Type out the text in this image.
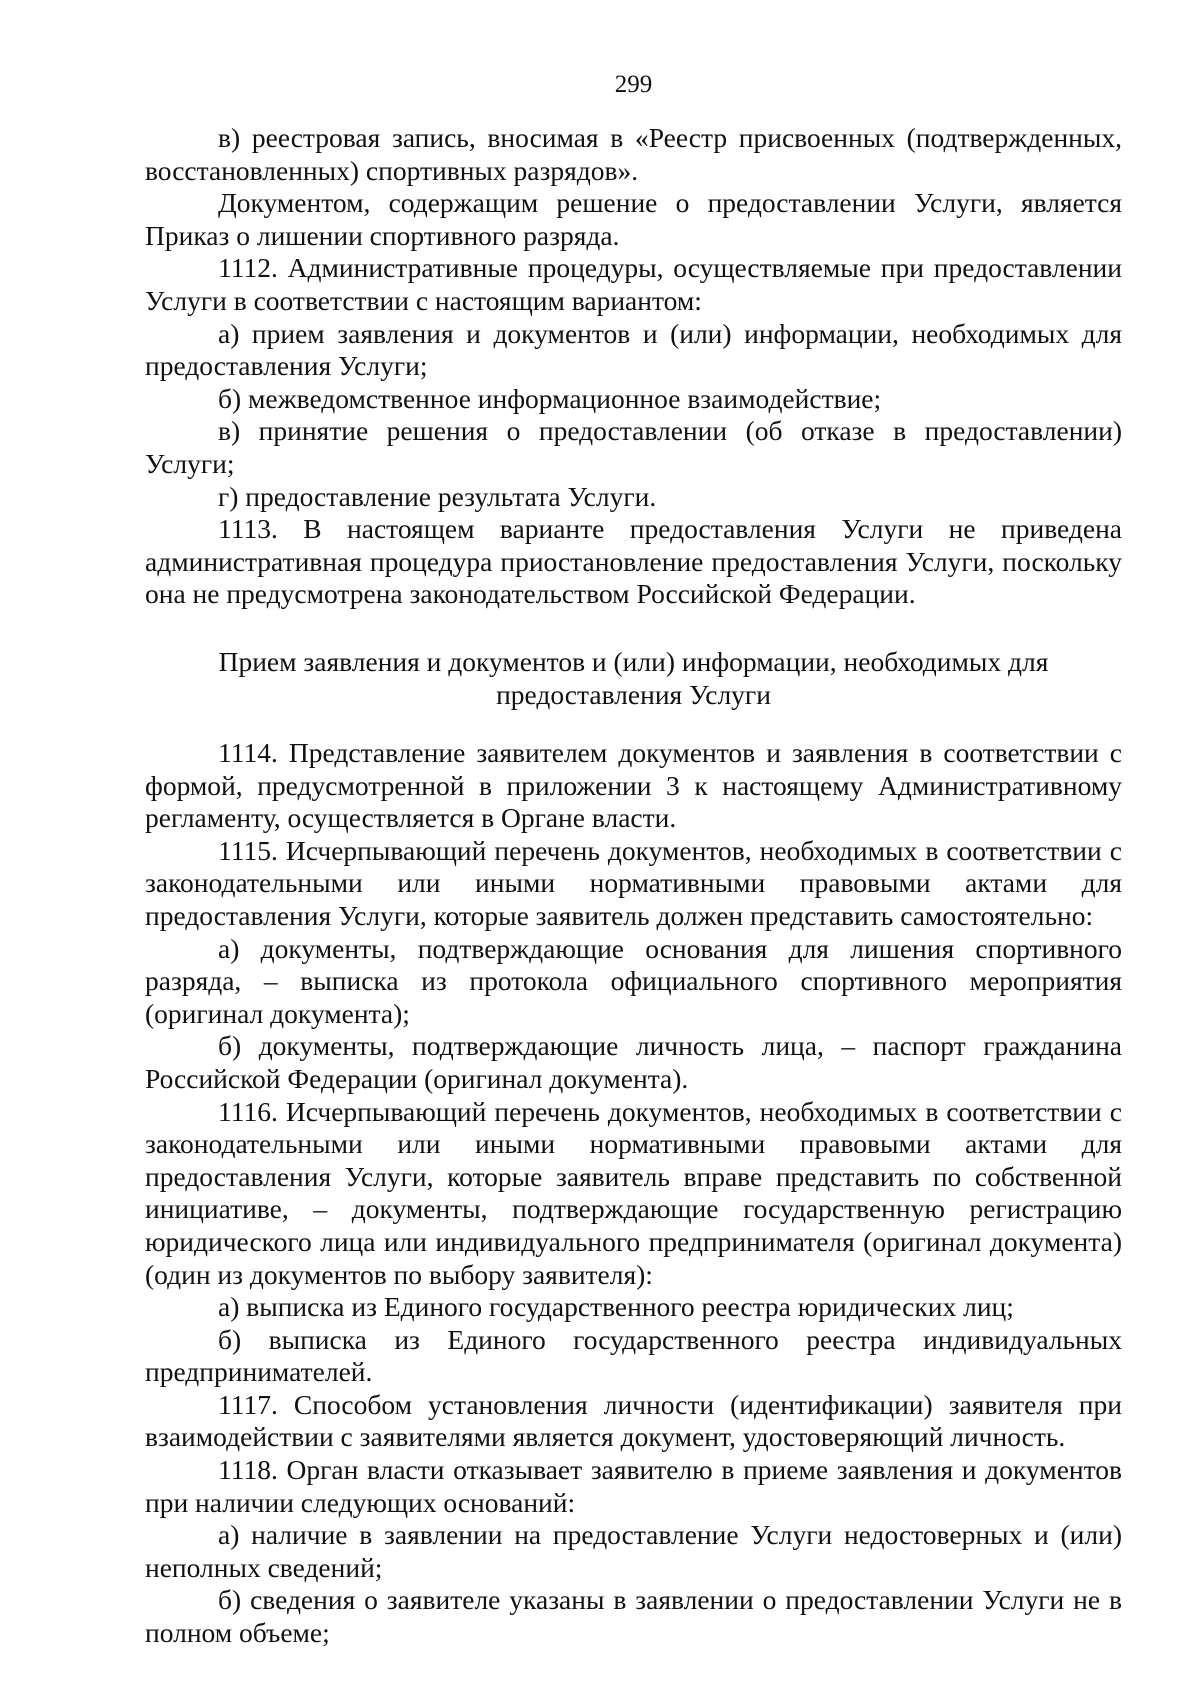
299

в) реестровая запись, вносимая в «Реестр присвоенных (подтвержденных, восстановленных) спортивных разрядов».

Документом, содержащим решение о предоставлении Услуги, является Приказ о лишении спортивного разряда.

1112. Административные процедуры, осуществляемые при предоставлении Услуги в соответствии с настоящим вариантом:

а) прием заявления и документов и (или) информации, необходимых для предоставления Услуги;

б) межведомственное информационное взаимодействие;

в) принятие решения о предоставлении (об отказе в предоставлении) Услуги;

г) предоставление результата Услуги.

1113. В настоящем варианте предоставления Услуги не приведена административная процедура приостановление предоставления Услуги, поскольку она не предусмотрена законодательством Российской Федерации.

Прием заявления и документов и (или) информации, необходимых для предоставления Услуги

1114. Представление заявителем документов и заявления в соответствии с формой, предусмотренной в приложении 3 к настоящему Административному регламенту, осуществляется в Органе власти.

1115. Исчерпывающий перечень документов, необходимых в соответствии с законодательными или иными нормативными правовыми актами для предоставления Услуги, которые заявитель должен представить самостоятельно:

а) документы, подтверждающие основания для лишения спортивного разряда, – выписка из протокола официального спортивного мероприятия (оригинал документа);

б) документы, подтверждающие личность лица, – паспорт гражданина Российской Федерации (оригинал документа).

1116. Исчерпывающий перечень документов, необходимых в соответствии с законодательными или иными нормативными правовыми актами для предоставления Услуги, которые заявитель вправе представить по собственной инициативе, – документы, подтверждающие государственную регистрацию юридического лица или индивидуального предпринимателя (оригинал документа) (один из документов по выбору заявителя):

а) выписка из Единого государственного реестра юридических лиц;

б) выписка из Единого государственного реестра индивидуальных предпринимателей.

1117. Способом установления личности (идентификации) заявителя при взаимодействии с заявителями является документ, удостоверяющий личность.

1118. Орган власти отказывает заявителю в приеме заявления и документов при наличии следующих оснований:

а) наличие в заявлении на предоставление Услуги недостоверных и (или) неполных сведений;

б) сведения о заявителе указаны в заявлении о предоставлении Услуги не в полном объеме;
